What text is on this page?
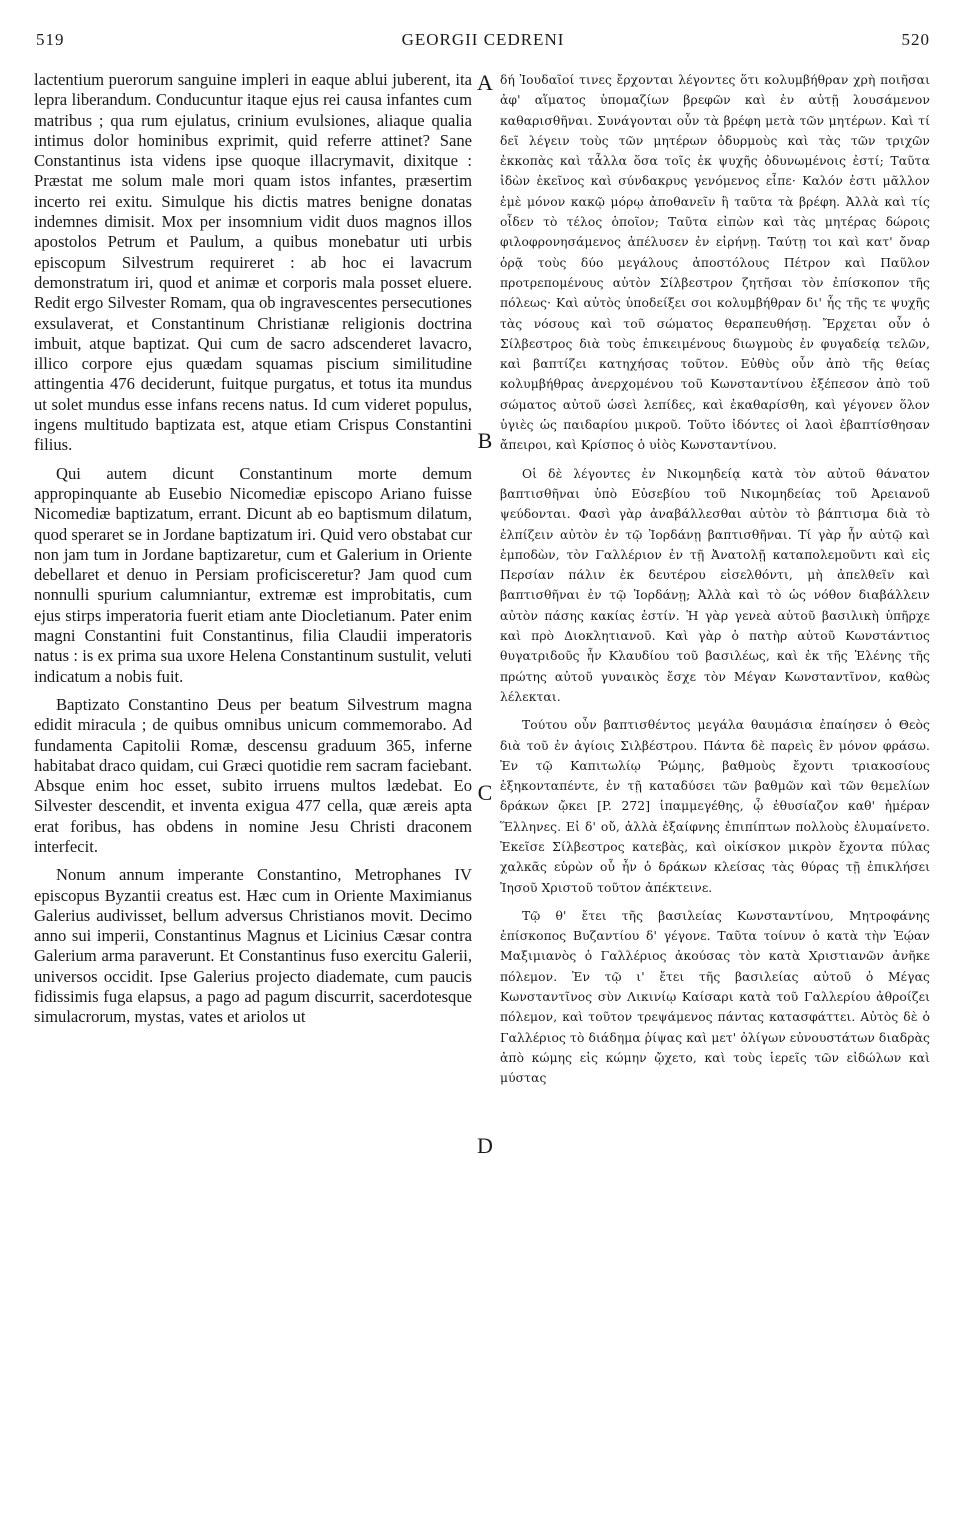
519	GEORGII CEDRENI	520

lactentium puerorum sanguine impleri in eaque ablui juberent, ita lepra liberandum. Conducuntur itaque ejus rei causa infantes cum matribus ; qua rum ejulatus, crinium evulsiones, aliaque qualia intimus dolor hominibus exprimit, quid referre attinet? Sane Constantinus ista videns ipse quoque illacrymavit, dixitque : Præstat me solum male mori quam istos infantes, præsertim incerto rei exitu. Simulque his dictis matres benigne donatas indemnes dimisit. Mox per insomnium vidit duos magnos illos apostolos Petrum et Paulum, a quibus monebatur uti urbis episcopum Silvestrum requireret : ab hoc ei lavacrum demonstratum iri, quod et animæ et corporis mala posset eluere. Redit ergo Silvester Romam, qua ob ingravescentes persecutiones exsulaverat, et Constantinum Christianæ religionis doctrina imbuit, atque baptizat. Qui cum de sacro adscenderet lavacro, illico corpore ejus quædam squamas piscium similitudine attingentia 476 deciderunt, fuitque purgatus, et totus ita mundus ut solet mundus esse infans recens natus. Id cum videret populus, ingens multitudo baptizata est, atque etiam Crispus Constantini filius.

Qui autem dicunt Constantinum morte demum appropinquante ab Eusebio Nicomediæ episcopo Ariano fuisse Nicomediæ baptizatum, errant. Dicunt ab eo baptismum dilatum, quod speraret se in Jordane baptizatum iri. Quid vero obstabat cur non jam tum in Jordane baptizaretur, cum et Galerium in Oriente debellaret et denuo in Persiam proficisceretur? Jam quod cum nonnulli spurium calumniantur, extremæ est improbitatis, cum ejus stirps imperatoria fuerit etiam ante Diocletianum. Pater enim magni Constantini fuit Constantinus, filia Claudii imperatoris natus : is ex prima sua uxore Helena Constantinum sustulit, veluti indicatum a nobis fuit.

Baptizato Constantino Deus per beatum Silvestrum magna edidit miracula ; de quibus omnibus unicum commemorabo. Ad fundamenta Capitolii Romæ, descensu graduum 365, inferne habitabat draco quidam, cui Græci quotidie rem sacram faciebant. Absque enim hoc esset, subito irruens multos lædebat. Eo Silvester descendit, et inventa exigua 477 cella, quæ æreis apta erat foribus, has obdens in nomine Jesu Christi draconem interfecit.

Nonum annum imperante Constantino, Metrophanes IV episcopus Byzantii creatus est. Hæc cum in Oriente Maximianus Galerius audivisset, bellum adversus Christianos movit. Decimo anno sui imperii, Constantinus Magnus et Licinius Cæsar contra Galerium arma paraverunt. Et Constantinus fuso exercitu Galerii, universos occidit. Ipse Galerius projecto diademate, cum paucis fidissimis fuga elapsus, a pago ad pagum discurrit, sacerdotesque simulacrorum, mystas, vates et ariolos ut

A
B
C
D

δή Ἰουδαῖοί τινες ἔρχονται λέγοντες ὅτι κολυμβήθραν χρὴ ποιῆσαι ἀφ' αἵματος ὑπομαζίων βρεφῶν καὶ ἐν αὐτῇ λουσάμενον καθαρισθῆναι. Συνάγονται οὖν τὰ βρέφη μετὰ τῶν μητέρων. Καὶ τί δεῖ λέγειν τοὺς τῶν μητέρων ὀδυρμοὺς καὶ τὰς τῶν τριχῶν ἐκκοπὰς καὶ τἆλλα ὅσα τοῖς ἐκ ψυχῆς ὀδυνωμένοις ἐστί; Ταῦτα ἰδὼν ἐκεῖνος καὶ σύνδακρυς γενόμενος εἶπε· Καλόν ἐστι μᾶλλον ἐμὲ μόνον κακῷ μόρῳ ἀποθανεῖν ἢ ταῦτα τὰ βρέφη. Ἀλλὰ καὶ τίς οἶδεν τὸ τέλος ὁποῖον; Ταῦτα εἰπὼν καὶ τὰς μητέρας δώροις φιλοφρονησάμενος ἀπέλυσεν ἐν εἰρήνῃ. Ταύτῃ τοι καὶ κατ' ὄναρ ὁρᾷ τοὺς δύο μεγάλους ἀποστόλους Πέτρον καὶ Παῦλον προτρεπομένους αὐτὸν Σίλβεστρον ζητῆσαι τὸν ἐπίσκοπον τῆς πόλεως· Καὶ αὐτὸς ὑποδείξει σοι κολυμβήθραν δι' ἧς τῆς τε ψυχῆς τὰς νόσους καὶ τοῦ σώματος θεραπευθήσῃ. Ἔρχεται οὖν ὁ Σίλβεστρος διὰ τοὺς ἐπικειμένους διωγμοὺς ἐν φυγαδείᾳ τελῶν, καὶ βαπτίζει κατηχήσας τοῦτον. Εὐθὺς οὖν ἀπὸ τῆς θείας κολυμβήθρας ἀνερχομένου τοῦ Κωνσταντίνου ἐξέπεσον ἀπὸ τοῦ σώματος αὐτοῦ ὡσεὶ λεπίδες, καὶ ἐκαθαρίσθη, καὶ γέγονεν ὅλον ὑγιὲς ὡς παιδαρίου μικροῦ. Τοῦτο ἰδόντες οἱ λαοὶ ἐβαπτίσθησαν ἄπειροι, καὶ Κρίσπος ὁ υἱὸς Κωνσταντίνου.

Οἱ δὲ λέγοντες ἐν Νικομηδείᾳ κατὰ τὸν αὐτοῦ θάνατον βαπτισθῆναι ὑπὸ Εὐσεβίου τοῦ Νικομηδείας τοῦ Ἀρειανοῦ ψεύδονται. Φασὶ γὰρ ἀναβάλλεσθαι αὐτὸν τὸ βάπτισμα διὰ τὸ ἐλπίζειν αὐτὸν ἐν τῷ Ἰορδάνῃ βαπτισθῆναι. Τί γὰρ ἦν αὐτῷ καὶ ἐμποδὼν, τὸν Γαλλέριον ἐν τῇ Ἀνατολῇ καταπολεμοῦντι καὶ εἰς Περσίαν πάλιν ἐκ δευτέρου εἰσελθόντι, μὴ ἀπελθεῖν καὶ βαπτισθῆναι ἐν τῷ Ἰορδάνῃ; Ἀλλὰ καὶ τὸ ὡς νόθον διαβάλλειν αὐτὸν πάσης κακίας ἐστίν. Ἡ γὰρ γενεὰ αὐτοῦ βασιλικὴ ὑπῆρχε καὶ πρὸ Διοκλητιανοῦ. Καὶ γὰρ ὁ πατὴρ αὐτοῦ Κωνστάντιος θυγατριδοῦς ἦν Κλαυδίου τοῦ βασιλέως, καὶ ἐκ τῆς Ἑλένης τῆς πρώτης αὐτοῦ γυναικὸς ἔσχε τὸν Μέγαν Κωνσταντῖνον, καθὼς λέλεκται.

Τούτου οὖν βαπτισθέντος μεγάλα θαυμάσια ἐπαίησεν ὁ Θεὸς διὰ τοῦ ἐν ἁγίοις Σιλβέστρου. Πάντα δὲ παρεὶς ἓν μόνον φράσω. Ἐν τῷ Καπιτωλίῳ Ῥώμης, βαθμοὺς ἔχοντι τριακοσίους ἑξηκονταπέντε, ἐν τῇ καταδύσει τῶν βαθμῶν καὶ τῶν θεμελίων δράκων ᾤκει [P. 272] ἱπαμμεγέθης, ᾧ ἐθυσίαζον καθ' ἡμέραν Ἕλληνες. Εἰ δ' οὔ, ἀλλὰ ἐξαίφνης ἐπιπίπτων πολλοὺς ἐλυμαίνετο. Ἐκεῖσε Σίλβεστρος κατεβὰς, καὶ οἰκίσκον μικρὸν ἔχοντα πύλας χαλκᾶς εὑρὼν οὗ ἦν ὁ δράκων κλείσας τὰς θύρας τῇ ἐπικλήσει Ἰησοῦ Χριστοῦ τοῦτον ἀπέκτεινε.

Τῷ θ' ἔτει τῆς βασιλείας Κωνσταντίνου, Μητροφάνης ἐπίσκοπος Βυζαντίου δ' γέγονε. Ταῦτα τοίνυν ὁ κατὰ τὴν Ἑῴαν Μαξιμιανὸς ὁ Γαλλέριος ἀκούσας τὸν κατὰ Χριστιανῶν ἀνῆκε πόλεμον. Ἐν τῷ ι' ἔτει τῆς βασιλείας αὐτοῦ ὁ Μέγας Κωνσταντῖνος σὺν Λικινίῳ Καίσαρι κατὰ τοῦ Γαλλερίου ἀθροίζει πόλεμον, καὶ τοῦτον τρεψάμενος πάντας κατασφάττει. Αὐτὸς δὲ ὁ Γαλλέριος τὸ διάδημα ῥίψας καὶ μετ' ὀλίγων εὐνουστάτων διαδρὰς ἀπὸ κώμης εἰς κώμην ᾤχετο, καὶ τοὺς ἱερεῖς τῶν εἰδώλων καὶ μύστας
